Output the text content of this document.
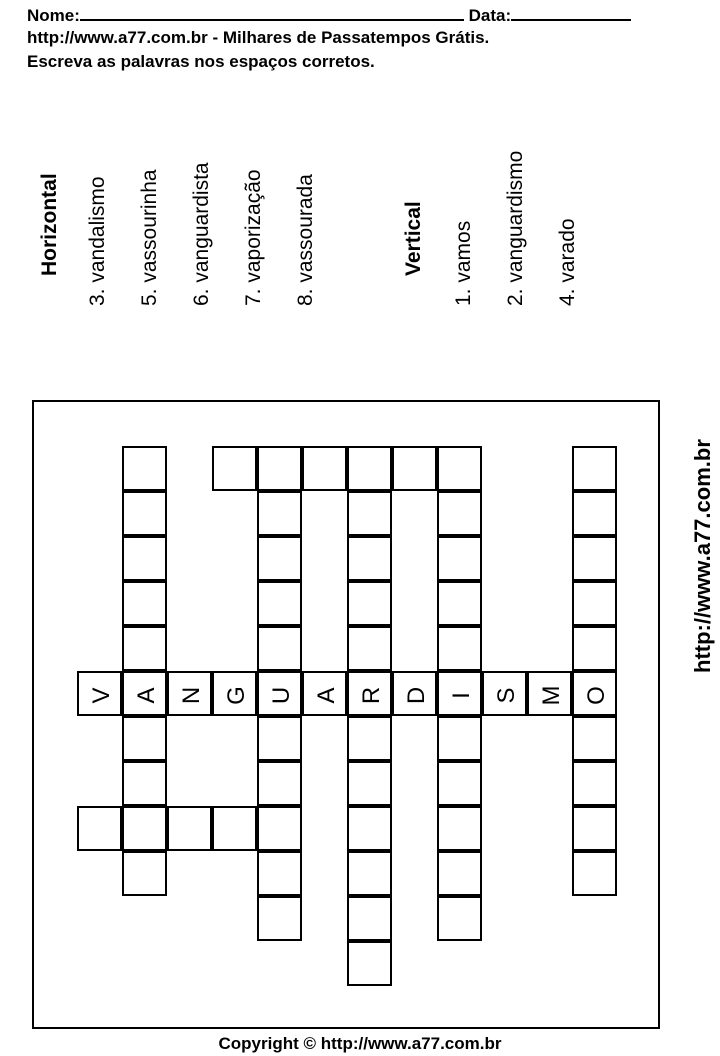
Nome:	Data:
http://www.a77.com.br - Milhares de Passatempos Grátis.
Escreva as palavras nos espaços corretos.
Horizontal 3. vandalismo 5. vassourinha 6. vanguardista 7. vaporização 8. vassourada	Vertical 1. vamos 2. vanguardismo 4. varado
A	U	R	I	O
V	N G	A	D	S M
http://www.a77.com.br
Copyright © http://www.a77.com.br
